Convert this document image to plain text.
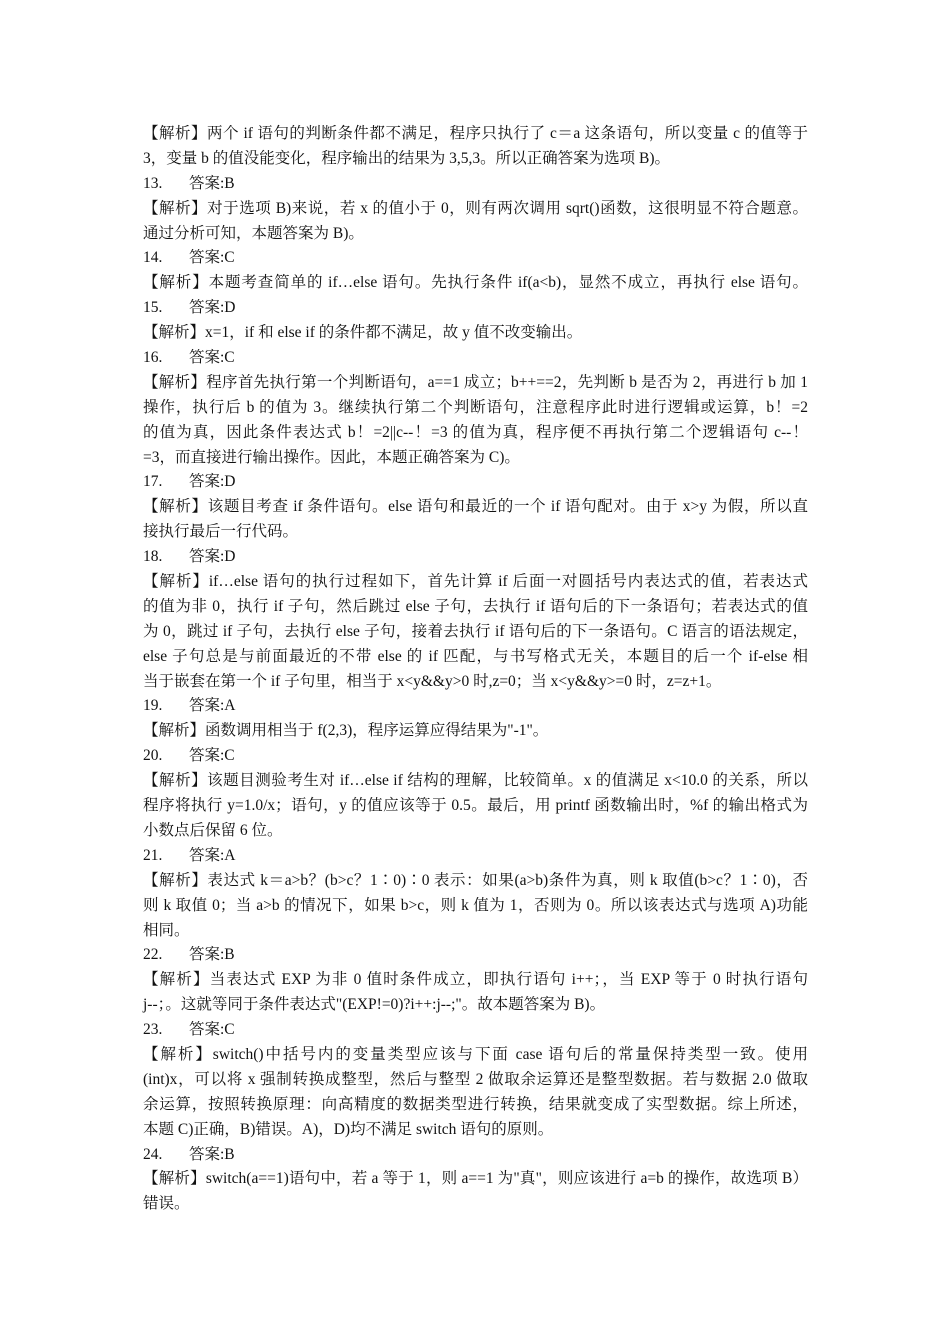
【解析】两个 if 语句的判断条件都不满足，程序只执行了 c＝a 这条语句，所以变量 c 的值等于
3，变量 b 的值没能变化，程序输出的结果为 3,5,3。所以正确答案为选项 B)。
13. 答案:B
【解析】对于选项 B)来说，若 x 的值小于 0，则有两次调用 sqrt()函数，这很明显不符合题意。
通过分析可知，本题答案为 B)。
14. 答案:C
【解析】本题考查简单的 if…else 语句。先执行条件 if(a<b)，显然不成立，再执行 else 语句。
15. 答案:D
【解析】x=1，if 和 else if 的条件都不满足，故 y 值不改变输出。
16. 答案:C
【解析】程序首先执行第一个判断语句，a==1 成立；b++==2，先判断 b 是否为 2，再进行 b 加 1
操作，执行后 b 的值为 3。继续执行第二个判断语句，注意程序此时进行逻辑或运算，b！=2
的值为真，因此条件表达式 b！=2||c--！=3 的值为真，程序便不再执行第二个逻辑语句 c--！
=3，而直接进行输出操作。因此，本题正确答案为 C)。
17. 答案:D
【解析】该题目考查 if 条件语句。else 语句和最近的一个 if 语句配对。由于 x>y 为假，所以直
接执行最后一行代码。
18. 答案:D
【解析】if…else 语句的执行过程如下，首先计算 if 后面一对圆括号内表达式的值，若表达式
的值为非 0，执行 if 子句，然后跳过 else 子句，去执行 if 语句后的下一条语句；若表达式的值
为 0，跳过 if 子句，去执行 else 子句，接着去执行 if 语句后的下一条语句。C 语言的语法规定，
else 子句总是与前面最近的不带 else 的 if 匹配，与书写格式无关，本题目的后一个 if-else 相
当于嵌套在第一个 if 子句里，相当于 x<y&&y>0 时,z=0；当 x<y&&y>=0 时，z=z+1。
19. 答案:A
【解析】函数调用相当于 f(2,3)，程序运算应得结果为"-1"。
20. 答案:C
【解析】该题目测验考生对 if…else if 结构的理解，比较简单。x 的值满足 x<10.0 的关系，所以
程序将执行 y=1.0/x；语句，y 的值应该等于 0.5。最后，用 printf 函数输出时，%f 的输出格式为
小数点后保留 6 位。
21. 答案:A
【解析】表达式 k＝a>b？(b>c？1∶0)∶0 表示：如果(a>b)条件为真，则 k 取值(b>c？1∶0)，否
则 k 取值 0；当 a>b 的情况下，如果 b>c，则 k 值为 1，否则为 0。所以该表达式与选项 A)功能
相同。
22. 答案:B
【解析】当表达式 EXP 为非 0 值时条件成立，即执行语句 i++；，当 EXP 等于 0 时执行语句
j--；。这就等同于条件表达式"(EXP!=0)?i++:j--;"。故本题答案为 B)。
23. 答案:C
【解析】switch()中括号内的变量类型应该与下面 case 语句后的常量保持类型一致。使用
(int)x，可以将 x 强制转换成整型，然后与整型 2 做取余运算还是整型数据。若与数据 2.0 做取
余运算，按照转换原理：向高精度的数据类型进行转换，结果就变成了实型数据。综上所述，
本题 C)正确，B)错误。A)，D)均不满足 switch 语句的原则。
24. 答案:B
【解析】switch(a==1)语句中，若 a 等于 1，则 a==1 为"真"，则应该进行 a=b 的操作，故选项 B）
错误。
